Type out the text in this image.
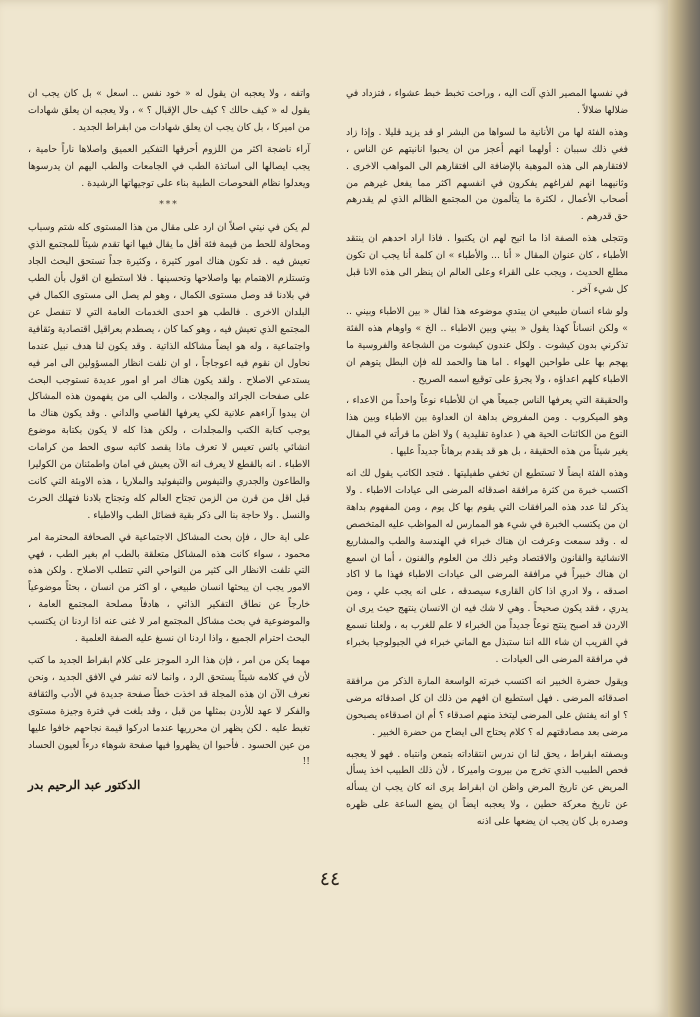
في نفسها المصير الذي آلت اليه ، وراحت تخبط خبط عشواء ، فتزداد في ضلالها ضلالاً .

وهذه الفئة لها من الأنانية ما لسواها من البشر او قد يزيد قليلا . وإذا زاد فغي ذلك سببان : أولهما انهم أعجز من ان يحبوا انانيتهم عن الناس ، لافتقارهم الى هذه الموهبة بالإضافة الى افتقارهم الى المواهب الاخرى . وثانيهما انهم لفراغهم يفكرون في انفسهم اكثر مما يفعل غيرهم من أصحاب الأعمال ، لكثرة ما يتألمون من المجتمع الظالم الذي لم يقدرهم حق قدرهم .

وتتجلى هذه الصفة اذا ما اتيح لهم ان يكتبوا . فاذا اراد احدهم ان ينتقد الأطباء ، كان عنوان المقال « أنا ... والأطباء » ان كلمة أنا يجب ان تكون مطلع الحديث ، ويجب على القراء وعلى العالم ان ينظر الى هذه الانا قبل كل شيء آخر .

ولو شاء انسان طبيعي ان يبتدي موضوعه هذا لقال « بين الاطباء وبيني .. » ولكن انساناً كهذا يقول « بيني وبين الاطباء .. الخ » واوهام هذه الفئة تذكرني بدون كيشوت . ولكل عندون كيشوت من الشجاعة والفروسية ما يهجم بها على طواحين الهواء . اما هنا والحمد لله فإن البطل يتوهم ان الاطباء كلهم اعداؤه ، ولا يجرؤ على توقيع اسمه الصريح .

والحقيقة التي يعرفها الناس جميعاً هي ان للأطباء نوعاً واحداً من الاعداء ، وهو الميكروب . ومن المفروض بداهة ان العداوة بين الاطباء وبين هذا النوع من الكائنات الحية هي ( عداوة تقليدية ) ولا اظن ما قرأته في المقال يغير شيئاً من هذه الحقيقة ، بل هو قد يقدم برهاناً جديداً عليها .

وهذه الفئة ايضاً لا تستطيع ان تخفي طفيليتها . فتجد الكاتب يقول لك انه اكتسب خبرة من كثرة مرافقة اصدقائه المرضى الى عيادات الاطباء . ولا يذكر لنا عدد هذه المرافقات التي يقوم بها كل يوم ، ومن المفهوم بداهة ان من يكتسب الخبرة في شيء هو الممارس له المواظب عليه المتخصص له . وقد سمعت وعرفت ان هناك خبراء في الهندسة والطب والمشاريع الانشائية والقانون والاقتصاد وغير ذلك من العلوم والفنون ، أما ان اسمع ان هناك خبيراً في مرافقة المرضى الى عيادات الاطباء فهذا ما لا اكاد اصدقه ، ولا ادري اذا كان القارىء سيصدقه ، على انه يجب علي ، ومن يدري ، فقد يكون صحيحاً . وهي لا شك فيه ان الانسان ينتهج حيث يرى ان الاردن قد اصبح ينتج نوعاً جديداً من الخبراء لا علم للغرب به ، ولعلنا نسمع في القريب ان شاء الله اننا ستبذل مع الماني خبراء في الجيولوجيا بخبراء في مرافقة المرضى الى العيادات .

ويقول حضرة الخبير انه اكتسب خبرته الواسعة المارة الذكر من مرافقة اصدقائه المرضى . فهل استطيع ان افهم من ذلك ان كل اصدقائه مرضى ؟ او انه يفتش على المرضى ليتخذ منهم اصدقاء ؟ أم ان اصدقاءه يصبحون مرضى بعد مصادقتهم له ؟ كلام يحتاج الى ايضاح من حضرة الخبير .

وبصفته ابقراط ، يحق لنا ان ندرس انتقاداته بتمعن وانتباه . فهو لا يعجبه فحص الطبيب الذي تخرج من بيروت واميركا ، لأن ذلك الطبيب اخذ يسأل المريض عن تاريخ المرض واظن ان ابقراط يرى انه كان يجب ان يسأله عن تاريخ معركة حطين ، ولا يعجبه ايضاً ان يضع الساعة على ظهره وصدره بل كان يجب ان يضعها على اذنه

واتفه ، ولا يعجبه ان يقول له « خود نفس .. اسعل » بل كان يجب ان يقول له « كيف حالك ؟ كيف حال الإقبال ؟ » ، ولا يعجبه ان يعلق شهادات من اميركا ، بل كان يجب ان يعلق شهادات من ابقراط الجديد .

آراء ناضجة اكثر من اللزوم أحرقها التفكير العميق واصلاها ناراً حامية ، يجب ايصالها الى اساتذة الطب في الجامعات والطب اليهم ان يدرسوها ويعدلوا نظام الفحوصات الطبية بناء على توجيهاتها الرشيدة .

***

لم يكن في نيتي اصلاً ان ارد على مقال من هذا المستوى كله شتم وسباب ومحاولة للحط من قيمة فئة أقل ما يقال فيها انها تقدم شيئاً للمجتمع الذي تعيش فيه . قد تكون هناك امور كثيرة ، وكثيرة جداً تستحق البحث الجاد وتستلزم الاهتمام بها واصلاحها وتحسينها . فلا استطيع ان اقول بأن الطب في بلادنا قد وصل مستوى الكمال ، وهو لم يصل الى مستوى الكمال في البلدان الاخرى . فالطب هو احدى الخدمات العامة التي لا تنفصل عن المجتمع الذي تعيش فيه ، وهو كما كان ، يصطدم بعراقيل اقتصادية وثقافية واجتماعية ، وله هو ايضاً مشاكله الذاتية . وقد يكون لنا هدف نبيل عندما نحاول ان نقوم فيه اعوجاجاً ، او ان نلفت انظار المسؤولين الى امر فيه يستدعي الاصلاح . ولقد يكون هناك امر او امور عديدة تستوجب البحث على صفحات الجرائد والمجلات ، والطب الى من يفهمون هذه المشاكل ان يبدوا آراءهم علانية لكي يعرفها القاصي والداني . وقد يكون هناك ما يوجب كتابة الكتب والمجلدات ، ولكن هذا كله لا يكون بكتابة موضوع انشائي بائس تعيس لا تعرف ماذا يقصد كاتبه سوى الحط من كرامات الاطباء . انه بالقطع لا يعرف انه الآن يعيش في امان واطمئنان من الكوليرا والطاعون والجدري والتيفوس والتيفوئيد والملاريا ، هذه الاوبئة التي كانت قبل اقل من قرن من الزمن تجتاح العالم كله وتجتاح بلادنا فتهلك الحرث والنسل . ولا حاجة بنا الى ذكر بقية فضائل الطب والاطباء .

على اية حال ، فإن بحث المشاكل الاجتماعية في الصحافة المحترمة امر محمود ، سواء كانت هذه المشاكل متعلقة بالطب ام بغير الطب ، فهي التي تلفت الانظار الى كثير من النواحي التي تتطلب الاصلاح . ولكن هذه الامور يجب ان يبحثها انسان طبيعي ، او اكثر من انسان ، بحثاً موضوعياً خارجاً عن نطاق التفكير الذاتي ، هادفاً مصلحة المجتمع العامة ، والموضوعية في بحث مشاكل المجتمع امر لا غنى عنه اذا اردنا ان يكتسب البحث احترام الجميع ، واذا اردنا ان نسبغ عليه الصفة العلمية .

مهما يكن من امر ، فإن هذا الرد الموجز على كلام ابقراط الجديد ما كتب لأن في كلامه شيئاً يستحق الرد ، وانما لانه تشر في الافق الجديد ، ونحن نعرف الآن ان هذه المجلة قد اخذت خطاً صفحة جديدة في الأدب والثقافة والفكر لا عهد للأردن بمثلها من قبل ، وقد بلغت في فترة وجيزة مستوى تغبط عليه . لكن يظهر ان محرريها عندما ادركوا قيمة نجاحهم خافوا عليها من عين الحسود . فأحبوا ان يظهروا فيها صفحة شوهاء درءاً لعيون الحساد !!

الدكتور عبد الرحيم بدر
٤٤
